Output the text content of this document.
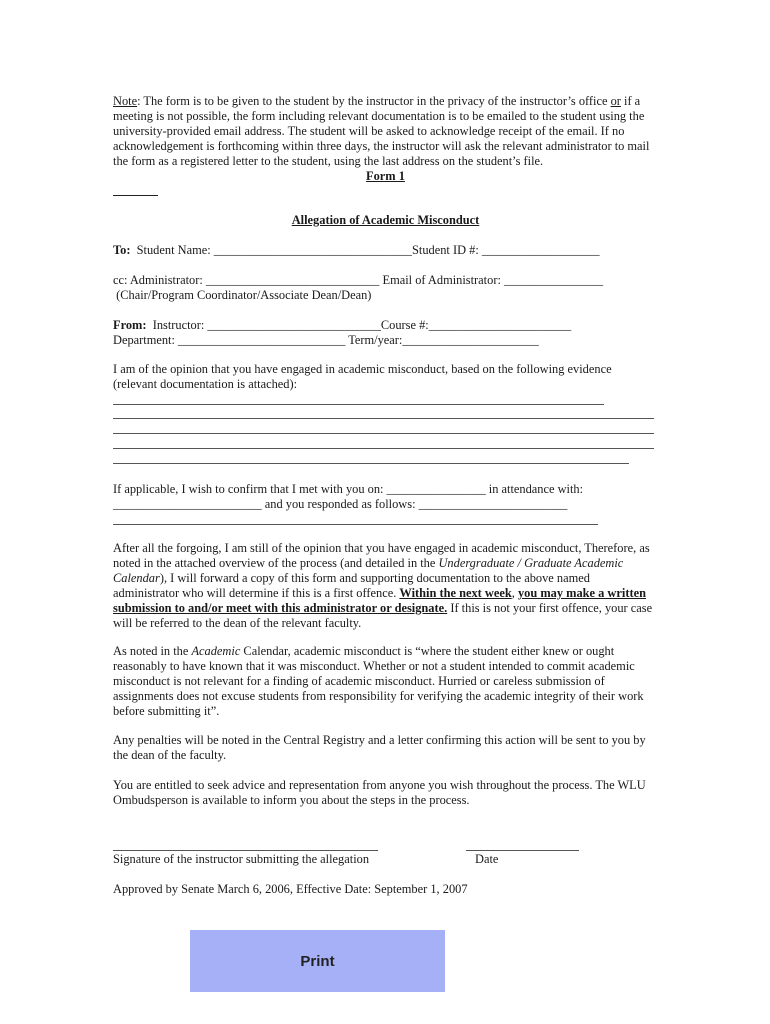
Note: The form is to be given to the student by the instructor in the privacy of the instructor’s office or if a meeting is not possible, the form including relevant documentation is to be emailed to the student using the university-provided email address. The student will be asked to acknowledge receipt of the email. If no acknowledgement is forthcoming within three days, the instructor will ask the relevant administrator to mail the form as a registered letter to the student, using the last address on the student’s file.

Form 1
Allegation of Academic Misconduct
To: Student Name: ________________________________Student ID #: ___________________
cc: Administrator: ____________________________ Email of Administrator: ________________
(Chair/Program Coordinator/Associate Dean/Dean)
From: Instructor: ____________________________Course #:_______________________
Department: ___________________________ Term/year:______________________

I am of the opinion that you have engaged in academic misconduct, based on the following evidence (relevant documentation is attached):

If applicable, I wish to confirm that I met with you on: ________________ in attendance with:
________________________ and you responded as follows: ________________________

After all the forgoing, I am still of the opinion that you have engaged in academic misconduct, Therefore, as noted in the attached overview of the process (and detailed in the Undergraduate / Graduate Academic Calendar), I will forward a copy of this form and supporting documentation to the above named administrator who will determine if this is a first offence. Within the next week, you may make a written submission to and/or meet with this administrator or designate. If this is not your first offence, your case will be referred to the dean of the relevant faculty.

As noted in the Academic Calendar, academic misconduct is “where the student either knew or ought reasonably to have known that it was misconduct. Whether or not a student intended to commit academic misconduct is not relevant for a finding of academic misconduct. Hurried or careless submission of assignments does not excuse students from responsibility for verifying the academic integrity of their work before submitting it”.

Any penalties will be noted in the Central Registry and a letter confirming this action will be sent to you by the dean of the faculty.

You are entitled to seek advice and representation from anyone you wish throughout the process. The WLU Ombudsperson is available to inform you about the steps in the process.

Signature of the instructor submitting the allegation	Date
Approved by Senate March 6, 2006, Effective Date: September 1, 2007
Print
